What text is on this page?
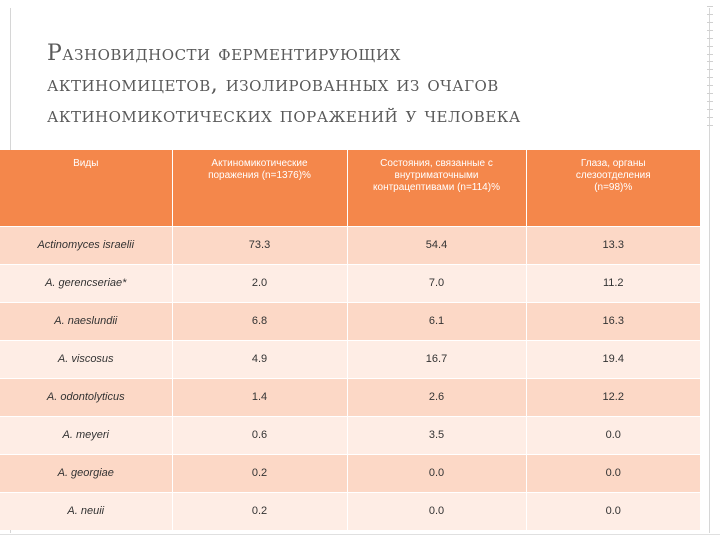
Разновидности ферментирующих
актиномицетов, изолированных из очагов
актиномикотических поражений у человека
Виды	Актиномикотические поражения (n=1376)%	Состояния, связанные с внутриматочными контрацептивами (n=114)%	Глаза, органы слезоотделения (n=98)%
Actinomyces israelii	73.3	54.4	13.3
A. gerencseriae*	2.0	7.0	11.2
A. naeslundii	6.8	6.1	16.3
A. viscosus	4.9	16.7	19.4
A. odontolyticus	1.4	2.6	12.2
A. meyeri	0.6	3.5	0.0
A. georgiae	0.2	0.0	0.0
A. neuii	0.2	0.0	0.0
